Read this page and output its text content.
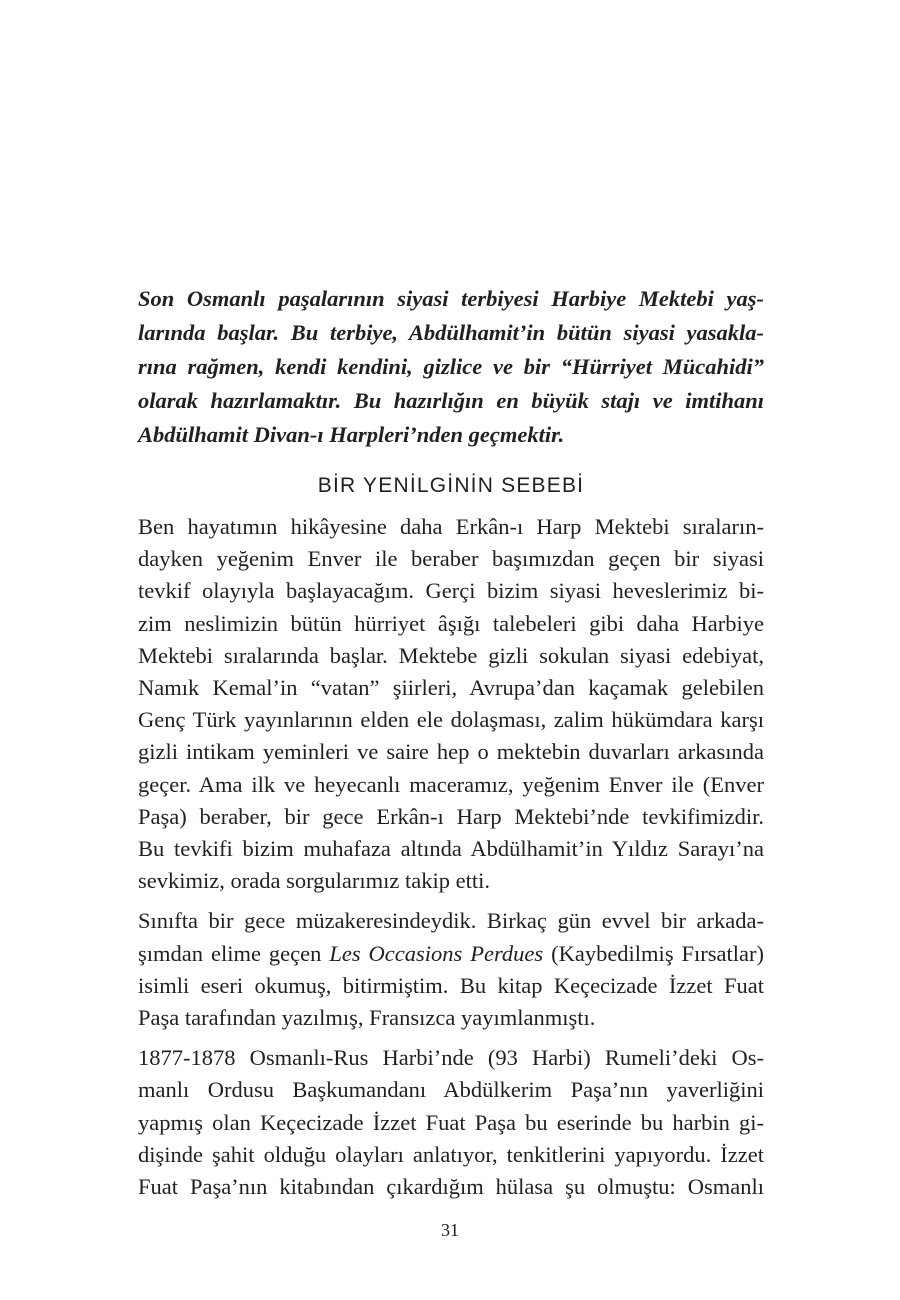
Son Osmanlı paşalarının siyasi terbiyesi Harbiye Mektebi yaş-
larında başlar. Bu terbiye, Abdülhamit’in bütün siyasi yasakla-
rına rağmen, kendi kendini, gizlice ve bir “Hürriyet Mücahidi”
olarak hazırlamaktır. Bu hazırlığın en büyük stajı ve imtihanı
Abdülhamit Divan-ı Harpleri’nden geçmektir.
BİR YENİLGİNİN SEBEBİ

Ben hayatımın hikâyesine daha Erkân-ı Harp Mektebi sıraların-
dayken yeğenim Enver ile beraber başımızdan geçen bir siyasi
tevkif olayıyla başlayacağım. Gerçi bizim siyasi heveslerimiz bi-
zim neslimizin bütün hürriyet âşığı talebeleri gibi daha Harbiye
Mektebi sıralarında başlar. Mektebe gizli sokulan siyasi edebiyat,
Namık Kemal’in “vatan” şiirleri, Avrupa’dan kaçamak gelebilen
Genç Türk yayınlarının elden ele dolaşması, zalim hükümdara karşı
gizli intikam yeminleri ve saire hep o mektebin duvarları arkasında
geçer. Ama ilk ve heyecanlı maceramız, yeğenim Enver ile (Enver
Paşa) beraber, bir gece Erkân-ı Harp Mektebi’nde tevkifimizdir.
Bu tevkifi bizim muhafaza altında Abdülhamit’in Yıldız Sarayı’na
sevkimiz, orada sorgularımız takip etti.

Sınıfta bir gece müzakeresindeydik. Birkaç gün evvel bir arkada-
şımdan elime geçen Les Occasions Perdues (Kaybedilmiş Fırsatlar)
isimli eseri okumuş, bitirmiştim. Bu kitap Keçecizade İzzet Fuat
Paşa tarafından yazılmış, Fransızca yayımlanmıştı.

1877-1878 Osmanlı-Rus Harbi’nde (93 Harbi) Rumeli’deki Os-
manlı Ordusu Başkumandanı Abdülkerim Paşa’nın yaverliğini
yapmış olan Keçecizade İzzet Fuat Paşa bu eserinde bu harbin gi-
dişinde şahit olduğu olayları anlatıyor, tenkitlerini yapıyordu. İzzet
Fuat Paşa’nın kitabından çıkardığım hülasa şu olmuştu: Osmanlı

31
